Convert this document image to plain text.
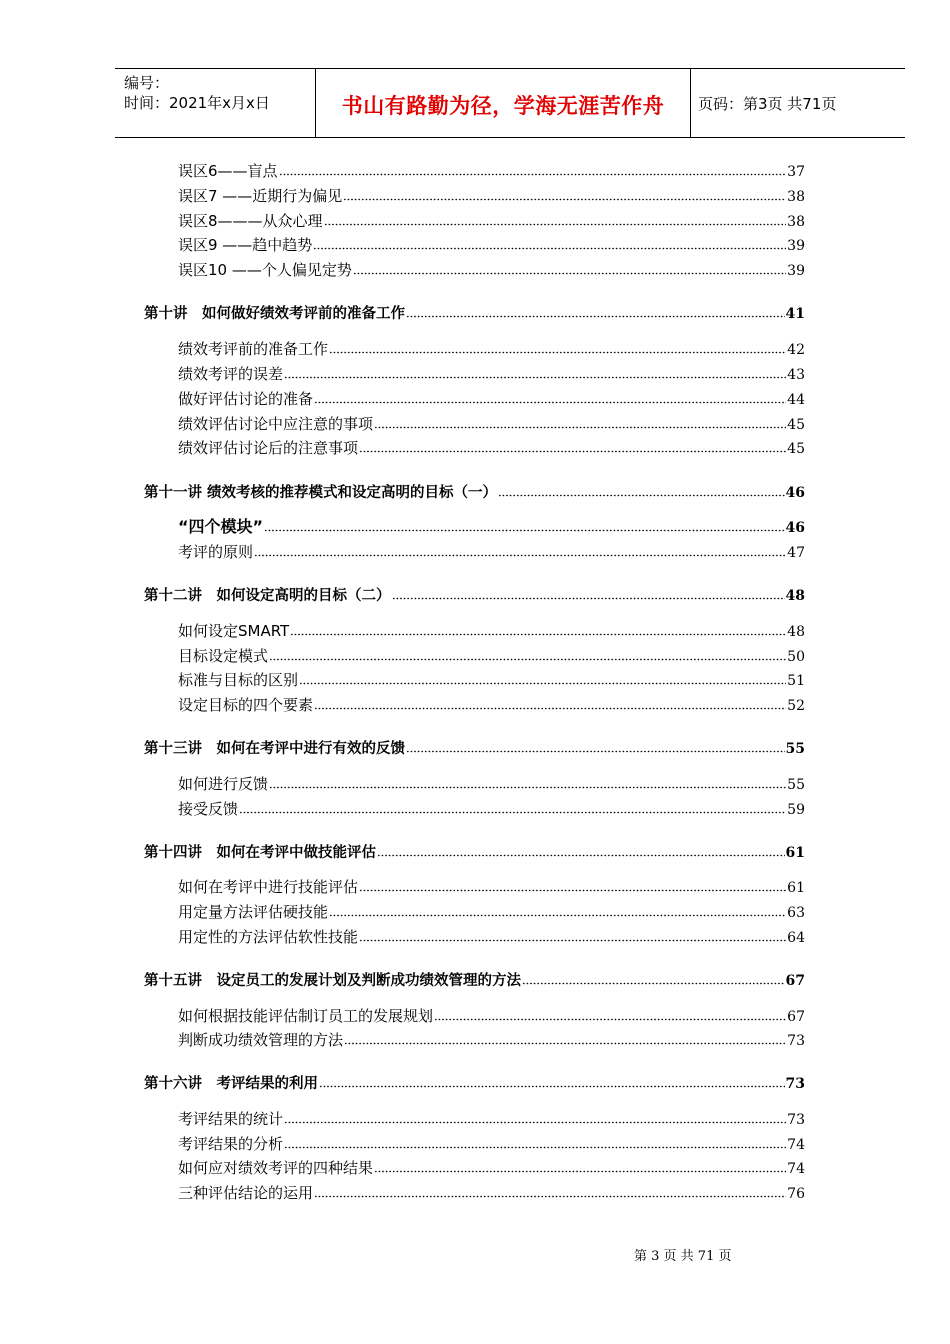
编号：
时间：2021年x月x日	书山有路勤为径，学海无涯苦作舟	页码：第3页 共71页
误区6——盲点	37
误区7 ——近期行为偏见	38
误区8———从众心理	38
误区9 ——趋中趋势	39
误区10 ——个人偏见定势	39
第十讲　如何做好绩效考评前的准备工作	41
绩效考评前的准备工作	42
绩效考评的误差	43
做好评估讨论的准备	44
绩效评估讨论中应注意的事项	45
绩效评估讨论后的注意事项	45
第十一讲 绩效考核的推荐模式和设定高明的目标（一）	46
“四个模块”	46
考评的原则	47
第十二讲　如何设定高明的目标（二）	48
如何设定SMART	48
目标设定模式	50
标准与目标的区别	51
设定目标的四个要素	52
第十三讲　如何在考评中进行有效的反馈	55
如何进行反馈	55
接受反馈	59
第十四讲　如何在考评中做技能评估	61
如何在考评中进行技能评估	61
用定量方法评估硬技能	63
用定性的方法评估软性技能	64
第十五讲　设定员工的发展计划及判断成功绩效管理的方法	67
如何根据技能评估制订员工的发展规划	67
判断成功绩效管理的方法	73
第十六讲　考评结果的利用	73
考评结果的统计	73
考评结果的分析	74
如何应对绩效考评的四种结果	74
三种评估结论的运用	76
第 3 页 共 71 页
